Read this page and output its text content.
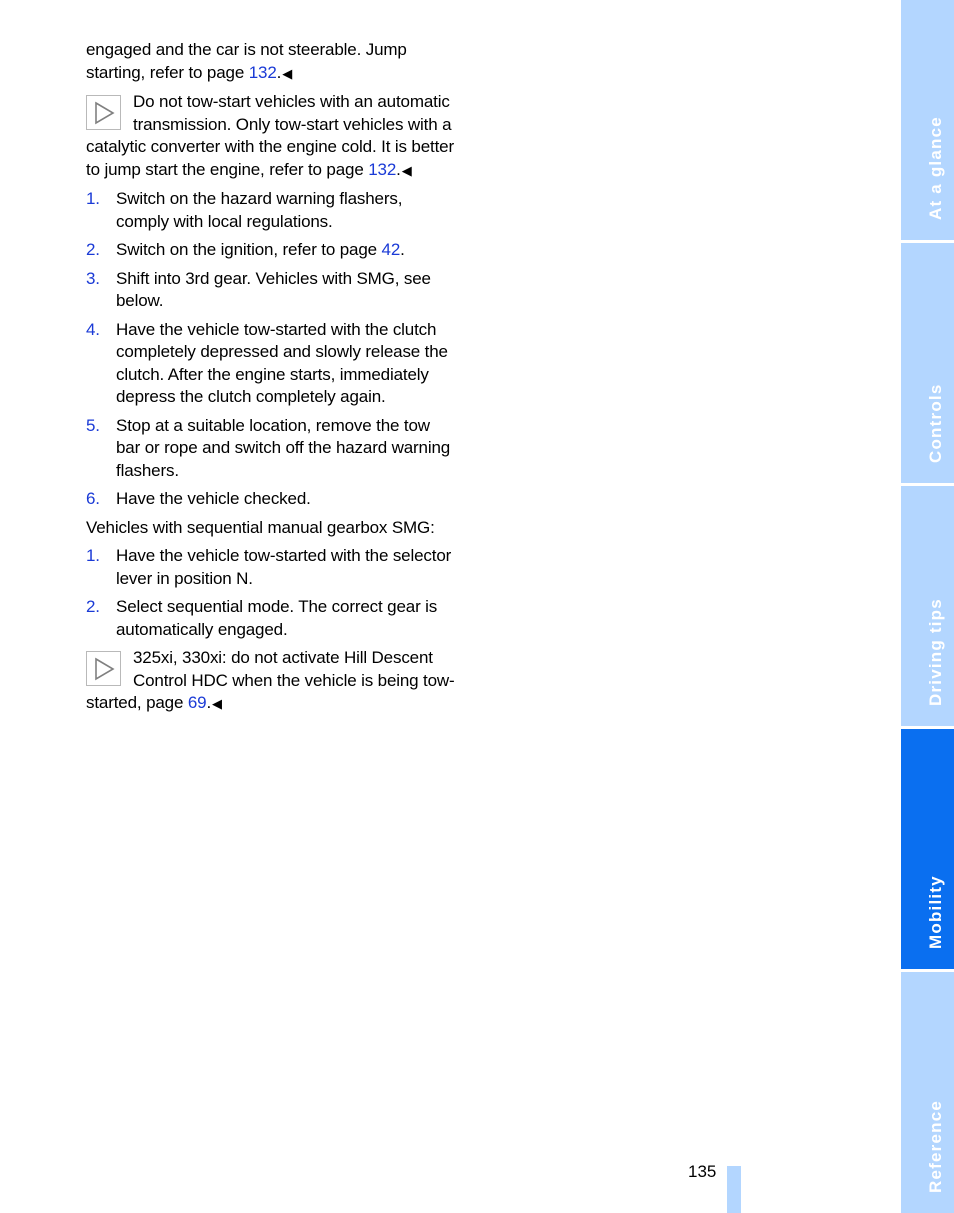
engaged and the car is not steerable. Jump starting, refer to page 132.◀

Do not tow-start vehicles with an automatic transmission. Only tow-start vehicles with a catalytic converter with the engine cold. It is better to jump start the engine, refer to page 132.◀
1. Switch on the hazard warning flashers, comply with local regulations.
2. Switch on the ignition, refer to page 42.
3. Shift into 3rd gear. Vehicles with SMG, see below.
4. Have the vehicle tow-started with the clutch completely depressed and slowly release the clutch. After the engine starts, immediately depress the clutch completely again.
5. Stop at a suitable location, remove the tow bar or rope and switch off the hazard warning flashers.
6. Have the vehicle checked.

Vehicles with sequential manual gearbox SMG:

1. Have the vehicle tow-started with the selector lever in position N.
2. Select sequential mode. The correct gear is automatically engaged.
325xi, 330xi: do not activate Hill Descent Control HDC when the vehicle is being tow-started, page 69.◀
135
At a glance
Controls
Driving tips
Mobility
Reference
